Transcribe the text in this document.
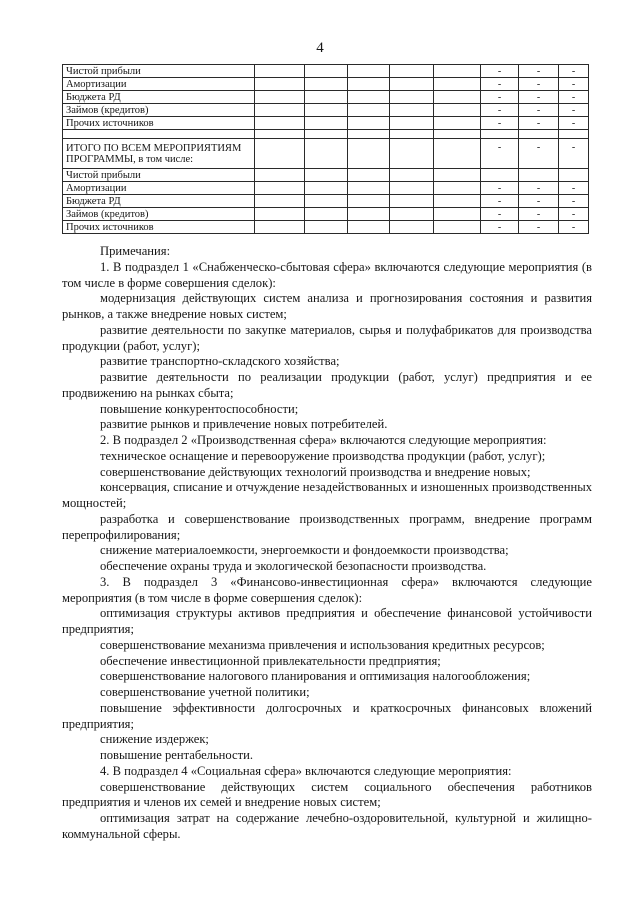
4
Чистой прибыли						-	-	-
Амортизации						-	-	-
Бюджета РД						-	-	-
Займов (кредитов)						-	-	-
Прочих источников						-	-	-

ИТОГО ПО ВСЕМ МЕРОПРИЯТИЯМ ПРОГРАММЫ, в том числе:						-	-	-
Чистой прибыли								
Амортизации						-	-	-
Бюджета РД						-	-	-
Займов (кредитов)						-	-	-
Прочих источников						-	-	-

Примечания:

1. В подраздел 1 «Снабженческо-сбытовая сфера» включаются следующие мероприятия (в том числе в форме совершения сделок):

модернизация действующих систем анализа и прогнозирования состояния и развития рынков, а также внедрение новых систем;

развитие деятельности по закупке материалов, сырья и полуфабрикатов для производства продукции (работ, услуг);

развитие транспортно-складского хозяйства;

развитие деятельности по реализации продукции (работ, услуг) предприятия и ее продвижению на рынках сбыта;

повышение конкурентоспособности;

развитие рынков и привлечение новых потребителей.

2. В подраздел 2 «Производственная сфера» включаются следующие мероприятия:

техническое оснащение и перевооружение производства продукции (работ, услуг);

совершенствование действующих технологий производства и внедрение новых;

консервация, списание и отчуждение незадействованных и изношенных производственных мощностей;

разработка и совершенствование производственных программ, внедрение программ перепрофилирования;

снижение материалоемкости, энергоемкости и фондоемкости производства;

обеспечение охраны труда и экологической безопасности производства.

3. В подраздел 3 «Финансово-инвестиционная сфера» включаются следующие мероприятия (в том числе в форме совершения сделок):

оптимизация структуры активов предприятия и обеспечение финансовой устойчивости предприятия;

совершенствование механизма привлечения и использования кредитных ресурсов;

обеспечение инвестиционной привлекательности предприятия;

совершенствование налогового планирования и оптимизация налогообложения;

совершенствование учетной политики;

повышение эффективности долгосрочных и краткосрочных финансовых вложений предприятия;

снижение издержек;

повышение рентабельности.

4. В подраздел 4 «Социальная сфера» включаются следующие мероприятия:

совершенствование действующих систем социального обеспечения работников предприятия и членов их семей и внедрение новых систем;

оптимизация затрат на содержание лечебно-оздоровительной, культурной и жилищно-коммунальной сферы.
